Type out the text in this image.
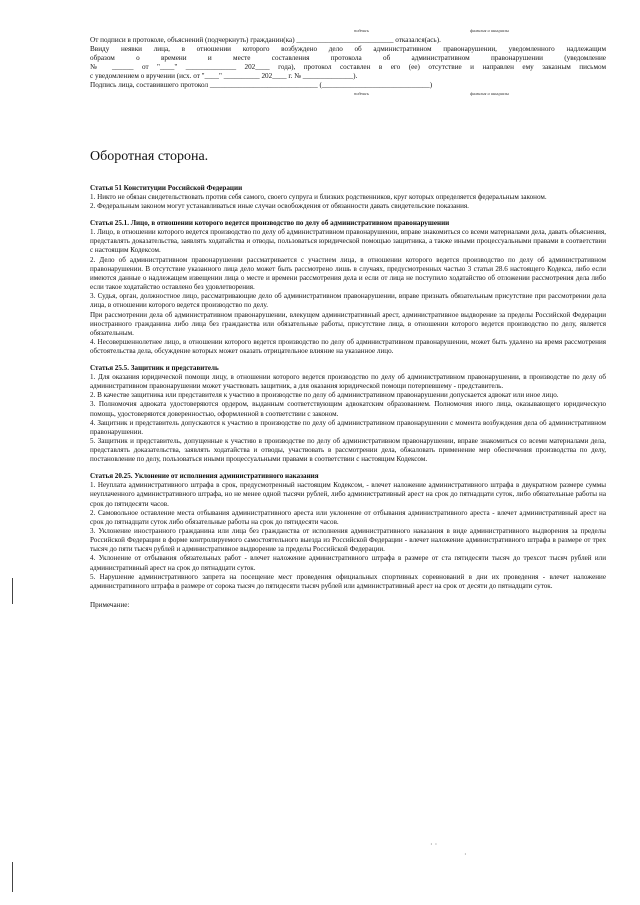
подпись	фамилия и инициалы
От подписи в протоколе, объяснений (подчеркнуть) гражданин(ка) ___________________________ отказался(ась).
Ввиду неявки лица, в отношении которого возбуждено дело об административном правонарушении, уведомленного надлежащим
образом о времени и месте составления протокола об административном правонарушении (уведомление
№ ______ от "____" ______________ 202____ года), протокол составлен в его (ее) отсутствие и направлен ему заказным письмом
с уведомлением о вручении (исх. от "____" __________ 202____ г. № ______________).
Подпись лица, составившего протокол ______________________________ (______________________________)
подпись	фамилия и инициалы
Оборотная сторона.
Статья 51 Конституции Российской Федерации

1. Никто не обязан свидетельствовать против себя самого, своего супруга и близких родственников, круг которых определяется федеральным законом.

2. Федеральным законом могут устанавливаться иные случаи освобождения от обязанности давать свидетельские показания.

Статья 25.1. Лицо, в отношении которого ведется производство по делу об административном правонарушении

1. Лицо, в отношении которого ведется производство по делу об административном правонарушении, вправе знакомиться со всеми материалами дела, давать объяснения, представлять доказательства, заявлять ходатайства и отводы, пользоваться юридической помощью защитника, а также иными процессуальными правами в соответствии с настоящим Кодексом.

2. Дело об административном правонарушении рассматривается с участием лица, в отношении которого ведется производство по делу об административном правонарушении. В отсутствие указанного лица дело может быть рассмотрено лишь в случаях, предусмотренных частью 3 статьи 28.6 настоящего Кодекса, либо если имеются данные о надлежащем извещении лица о месте и времени рассмотрения дела и если от лица не поступило ходатайство об отложении рассмотрения дела либо если такое ходатайство оставлено без удовлетворения.

3. Судья, орган, должностное лицо, рассматривающие дело об административном правонарушении, вправе признать обязательным присутствие при рассмотрении дела лица, в отношении которого ведется производство по делу.

При рассмотрении дела об административном правонарушении, влекущем административный арест, административное выдворение за пределы Российской Федерации иностранного гражданина либо лица без гражданства или обязательные работы, присутствие лица, в отношении которого ведется производство по делу, является обязательным.

4. Несовершеннолетнее лицо, в отношении которого ведется производство по делу об административном правонарушении, может быть удалено на время рассмотрения обстоятельства дела, обсуждение которых может оказать отрицательное влияние на указанное лицо.

Статья 25.5. Защитник и представитель

1. Для оказания юридической помощи лицу, в отношении которого ведется производство по делу об административном правонарушении, в производстве по делу об административном правонарушении может участвовать защитник, а для оказания юридической помощи потерпевшему - представитель.

2. В качестве защитника или представителя к участию в производстве по делу об административном правонарушении допускается адвокат или иное лицо.

3. Полномочия адвоката удостоверяются ордером, выданным соответствующим адвокатским образованием. Полномочия иного лица, оказывающего юридическую помощь, удостоверяются доверенностью, оформленной в соответствии с законом.

4. Защитник и представитель допускаются к участию в производстве по делу об административном правонарушении с момента возбуждения дела об административном правонарушении.

5. Защитник и представитель, допущенные к участию в производстве по делу об административном правонарушении, вправе знакомиться со всеми материалами дела, представлять доказательства, заявлять ходатайства и отводы, участвовать в рассмотрении дела, обжаловать применение мер обеспечения производства по делу, постановление по делу, пользоваться иными процессуальными правами в соответствии с настоящим Кодексом.

Статья 20.25. Уклонение от исполнения административного наказания

1. Неуплата административного штрафа в срок, предусмотренный настоящим Кодексом, - влечет наложение административного штрафа в двукратном размере суммы неуплаченного административного штрафа, но не менее одной тысячи рублей, либо административный арест на срок до пятнадцати суток, либо обязательные работы на срок до пятидесяти часов.

2. Самовольное оставление места отбывания административного ареста или уклонение от отбывания административного ареста - влечет административный арест на срок до пятнадцати суток либо обязательные работы на срок до пятидесяти часов.

3. Уклонение иностранного гражданина или лица без гражданства от исполнения административного наказания в виде административного выдворения за пределы Российской Федерации в форме контролируемого самостоятельного выезда из Российской Федерации - влечет наложение административного штрафа в размере от трех тысяч до пяти тысяч рублей и административное выдворение за пределы Российской Федерации.

4. Уклонение от отбывания обязательных работ - влечет наложение административного штрафа в размере от ста пятидесяти тысяч до трехсот тысяч рублей или административный арест на срок до пятнадцати суток.

5. Нарушение административного запрета на посещение мест проведения официальных спортивных соревнований в дни их проведения - влечет наложение административного штрафа в размере от сорока тысяч до пятидесяти тысяч рублей или административный арест на срок от десяти до пятнадцати суток.

Примечание:
· ·
·
